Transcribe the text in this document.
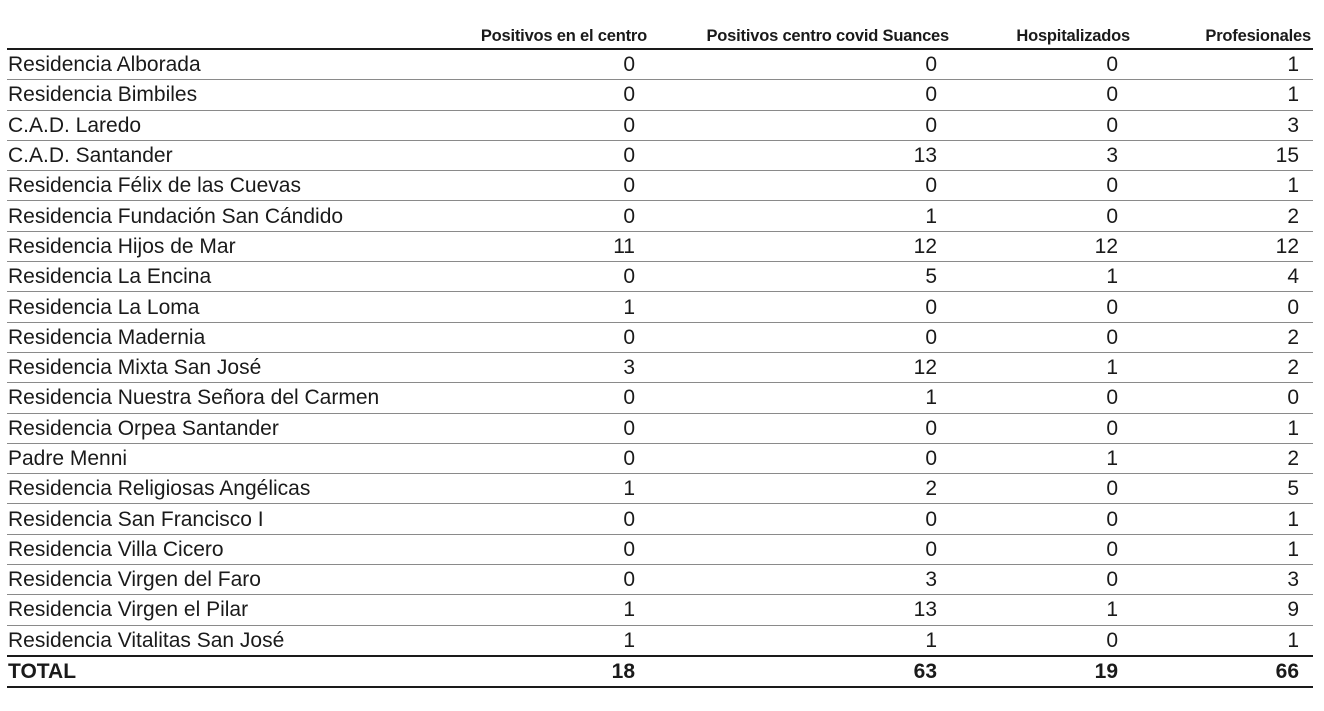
	Positivos en el centro	Positivos centro covid Suances	Hospitalizados	Profesionales
Residencia Alborada	0	0	0	1
Residencia Bimbiles	0	0	0	1
C.A.D. Laredo	0	0	0	3
C.A.D. Santander	0	13	3	15
Residencia Félix de las Cuevas	0	0	0	1
Residencia Fundación San Cándido	0	1	0	2
Residencia Hijos de Mar	11	12	12	12
Residencia La Encina	0	5	1	4
Residencia La Loma	1	0	0	0
Residencia Madernia	0	0	0	2
Residencia Mixta San José	3	12	1	2
Residencia Nuestra Señora del Carmen	0	1	0	0
Residencia Orpea Santander	0	0	0	1
Padre Menni	0	0	1	2
Residencia Religiosas Angélicas	1	2	0	5
Residencia San Francisco I	0	0	0	1
Residencia Villa Cicero	0	0	0	1
Residencia Virgen del Faro	0	3	0	3
Residencia Virgen el Pilar	1	13	1	9
Residencia Vitalitas San José	1	1	0	1
TOTAL	18	63	19	66
